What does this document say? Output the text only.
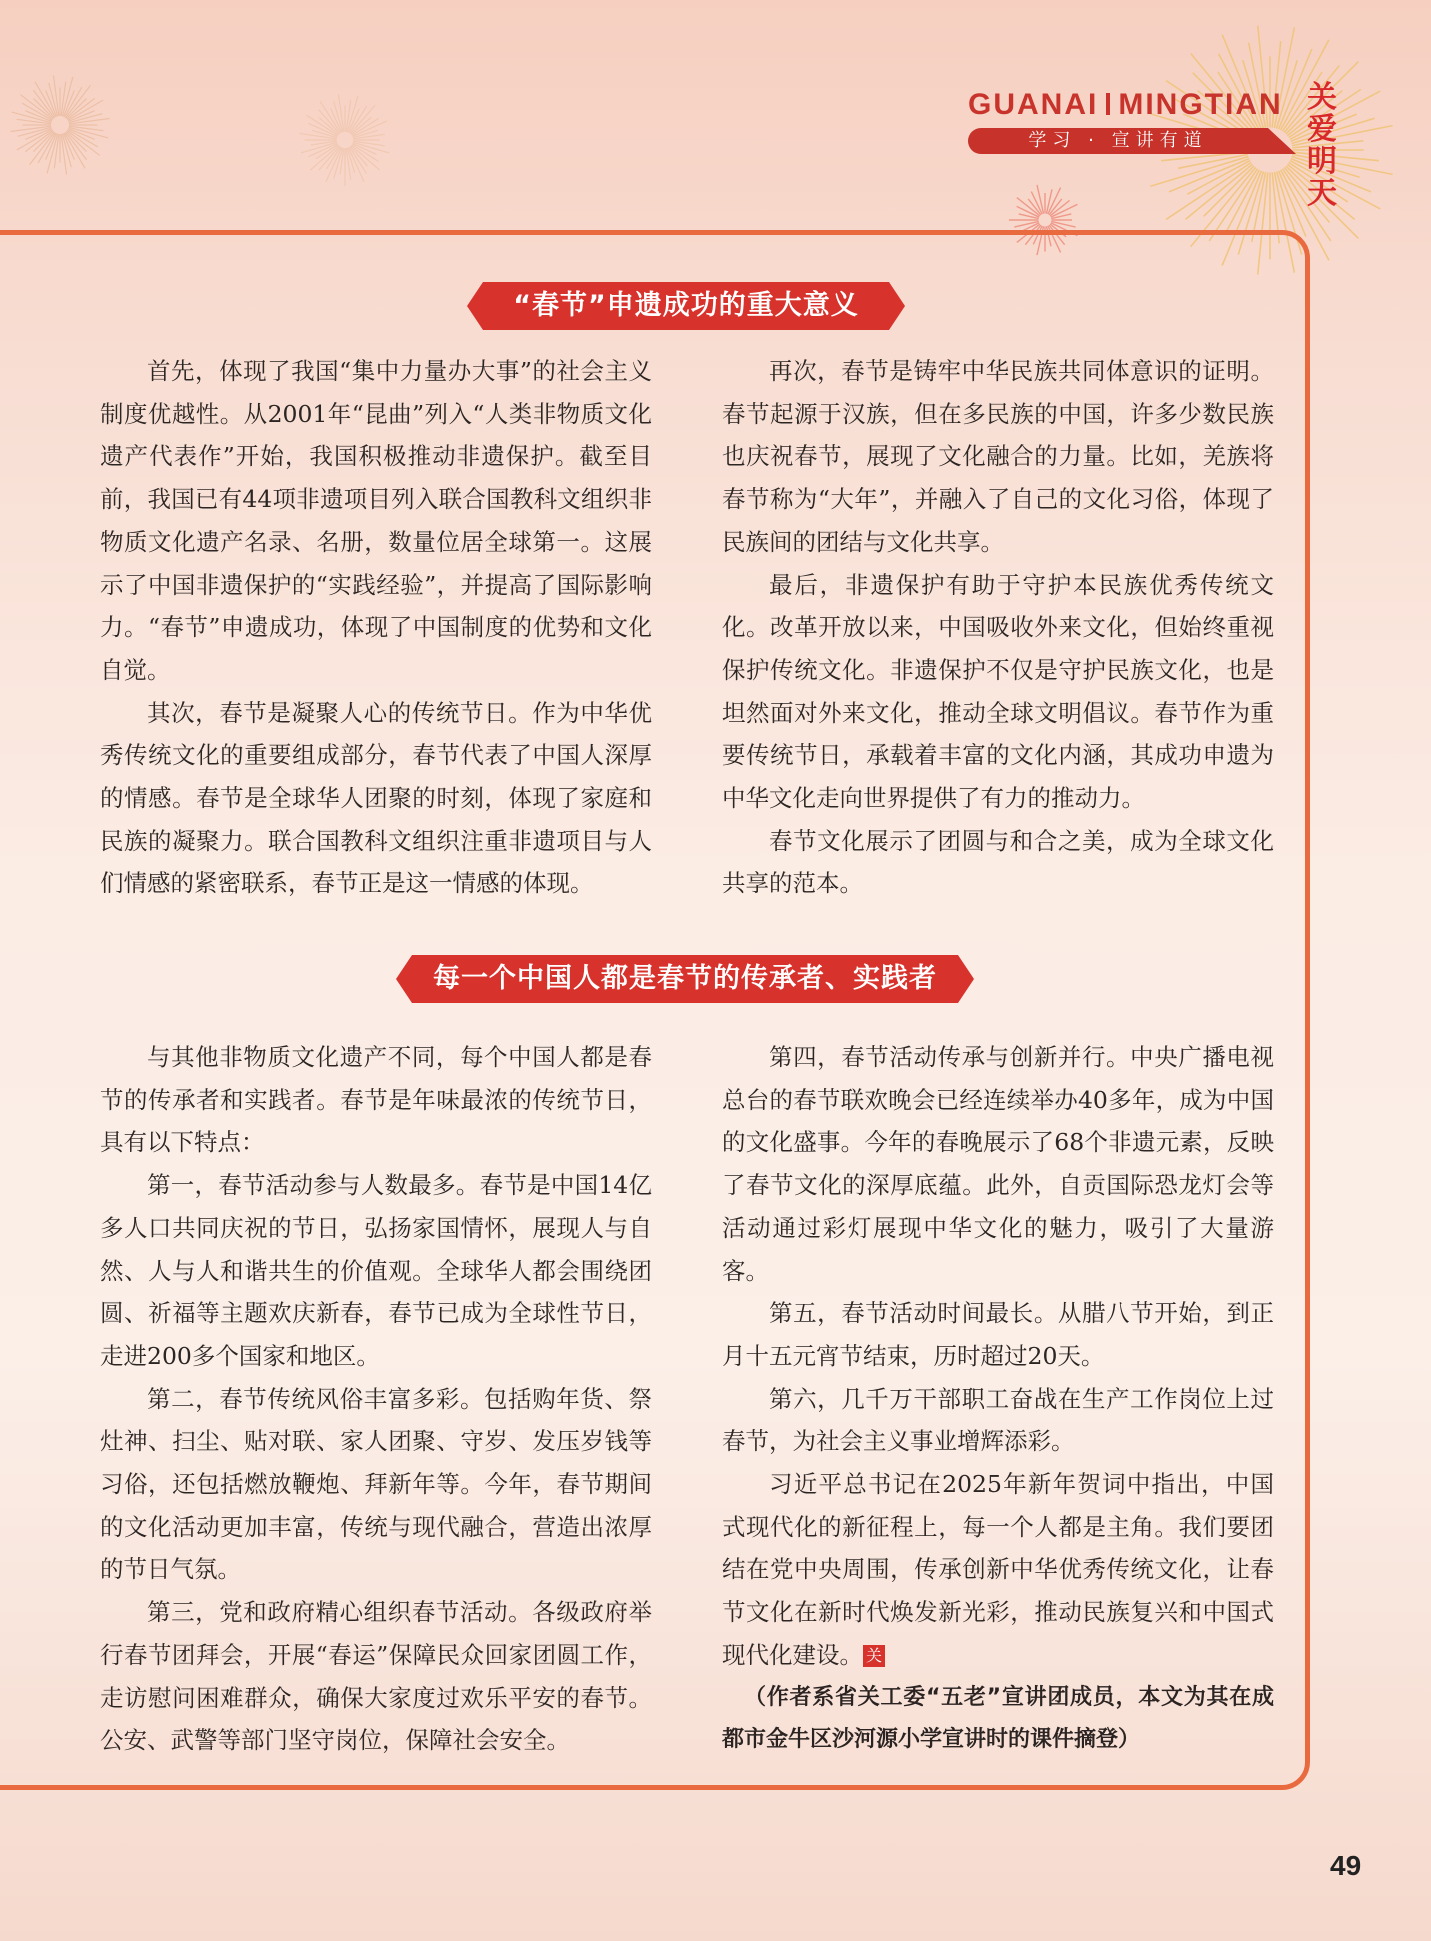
GUANAI MINGTIAN
学习 · 宣讲有道
关爱
明天
“春节”申遗成功的重大意义

首先，体现了我国“集中力量办大事”的社会主义制度优越性。从2001年“昆曲”列入“人类非物质文化遗产代表作”开始，我国积极推动非遗保护。截至目前，我国已有44项非遗项目列入联合国教科文组织非物质文化遗产名录、名册，数量位居全球第一。这展示了中国非遗保护的“实践经验”，并提高了国际影响力。“春节”申遗成功，体现了中国制度的优势和文化自觉。

其次，春节是凝聚人心的传统节日。作为中华优秀传统文化的重要组成部分，春节代表了中国人深厚的情感。春节是全球华人团聚的时刻，体现了家庭和民族的凝聚力。联合国教科文组织注重非遗项目与人们情感的紧密联系，春节正是这一情感的体现。

再次，春节是铸牢中华民族共同体意识的证明。春节起源于汉族，但在多民族的中国，许多少数民族也庆祝春节，展现了文化融合的力量。比如，羌族将春节称为“大年”，并融入了自己的文化习俗，体现了民族间的团结与文化共享。

最后，非遗保护有助于守护本民族优秀传统文化。改革开放以来，中国吸收外来文化，但始终重视保护传统文化。非遗保护不仅是守护民族文化，也是坦然面对外来文化，推动全球文明倡议。春节作为重要传统节日，承载着丰富的文化内涵，其成功申遗为中华文化走向世界提供了有力的推动力。

春节文化展示了团圆与和合之美，成为全球文化共享的范本。

每一个中国人都是春节的传承者、实践者

与其他非物质文化遗产不同，每个中国人都是春节的传承者和实践者。春节是年味最浓的传统节日，具有以下特点：

第一，春节活动参与人数最多。春节是中国14亿多人口共同庆祝的节日，弘扬家国情怀，展现人与自然、人与人和谐共生的价值观。全球华人都会围绕团圆、祈福等主题欢庆新春，春节已成为全球性节日，走进200多个国家和地区。

第二，春节传统风俗丰富多彩。包括购年货、祭灶神、扫尘、贴对联、家人团聚、守岁、发压岁钱等习俗，还包括燃放鞭炮、拜新年等。今年，春节期间的文化活动更加丰富，传统与现代融合，营造出浓厚的节日气氛。

第三，党和政府精心组织春节活动。各级政府举行春节团拜会，开展“春运”保障民众回家团圆工作，走访慰问困难群众，确保大家度过欢乐平安的春节。公安、武警等部门坚守岗位，保障社会安全。

第四，春节活动传承与创新并行。中央广播电视总台的春节联欢晚会已经连续举办40多年，成为中国的文化盛事。今年的春晚展示了68个非遗元素，反映了春节文化的深厚底蕴。此外，自贡国际恐龙灯会等活动通过彩灯展现中华文化的魅力，吸引了大量游客。

第五，春节活动时间最长。从腊八节开始，到正月十五元宵节结束，历时超过20天。

第六，几千万干部职工奋战在生产工作岗位上过春节，为社会主义事业增辉添彩。

习近平总书记在2025年新年贺词中指出，中国式现代化的新征程上，每一个人都是主角。我们要团结在党中央周围，传承创新中华优秀传统文化，让春节文化在新时代焕发新光彩，推动民族复兴和中国式现代化建设。 关

（作者系省关工委“五老”宣讲团成员，本文为其在成都市金牛区沙河源小学宣讲时的课件摘登）

49
